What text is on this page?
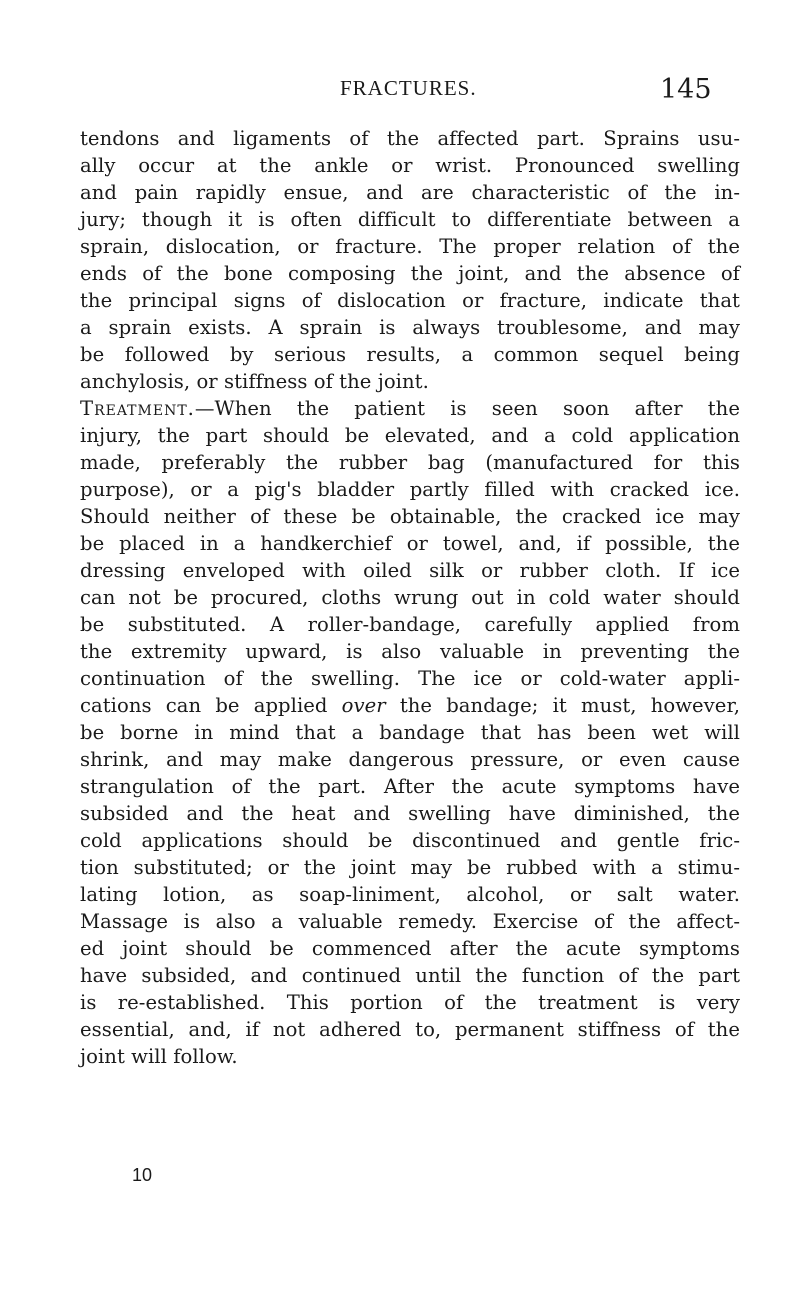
FRACTURES.	145
tendons and ligaments of the affected part. Sprains usu-
ally occur at the ankle or wrist. Pronounced swelling
and pain rapidly ensue, and are characteristic of the in-
jury; though it is often difficult to differentiate between a
sprain, dislocation, or fracture. The proper relation of the
ends of the bone composing the joint, and the absence of
the principal signs of dislocation or fracture, indicate that
a sprain exists. A sprain is always troublesome, and may
be followed by serious results, a common sequel being
anchylosis, or stiffness of the joint.
Treatment.—When the patient is seen soon after the
injury, the part should be elevated, and a cold application
made, preferably the rubber bag (manufactured for this
purpose), or a pig's bladder partly filled with cracked ice.
Should neither of these be obtainable, the cracked ice may
be placed in a handkerchief or towel, and, if possible, the
dressing enveloped with oiled silk or rubber cloth. If ice
can not be procured, cloths wrung out in cold water should
be substituted. A roller-bandage, carefully applied from
the extremity upward, is also valuable in preventing the
continuation of the swelling. The ice or cold-water appli-
cations can be applied over the bandage; it must, however,
be borne in mind that a bandage that has been wet will
shrink, and may make dangerous pressure, or even cause
strangulation of the part. After the acute symptoms have
subsided and the heat and swelling have diminished, the
cold applications should be discontinued and gentle fric-
tion substituted; or the joint may be rubbed with a stimu-
lating lotion, as soap-liniment, alcohol, or salt water.
Massage is also a valuable remedy. Exercise of the affect-
ed joint should be commenced after the acute symptoms
have subsided, and continued until the function of the part
is re-established. This portion of the treatment is very
essential, and, if not adhered to, permanent stiffness of the
joint will follow.
10
